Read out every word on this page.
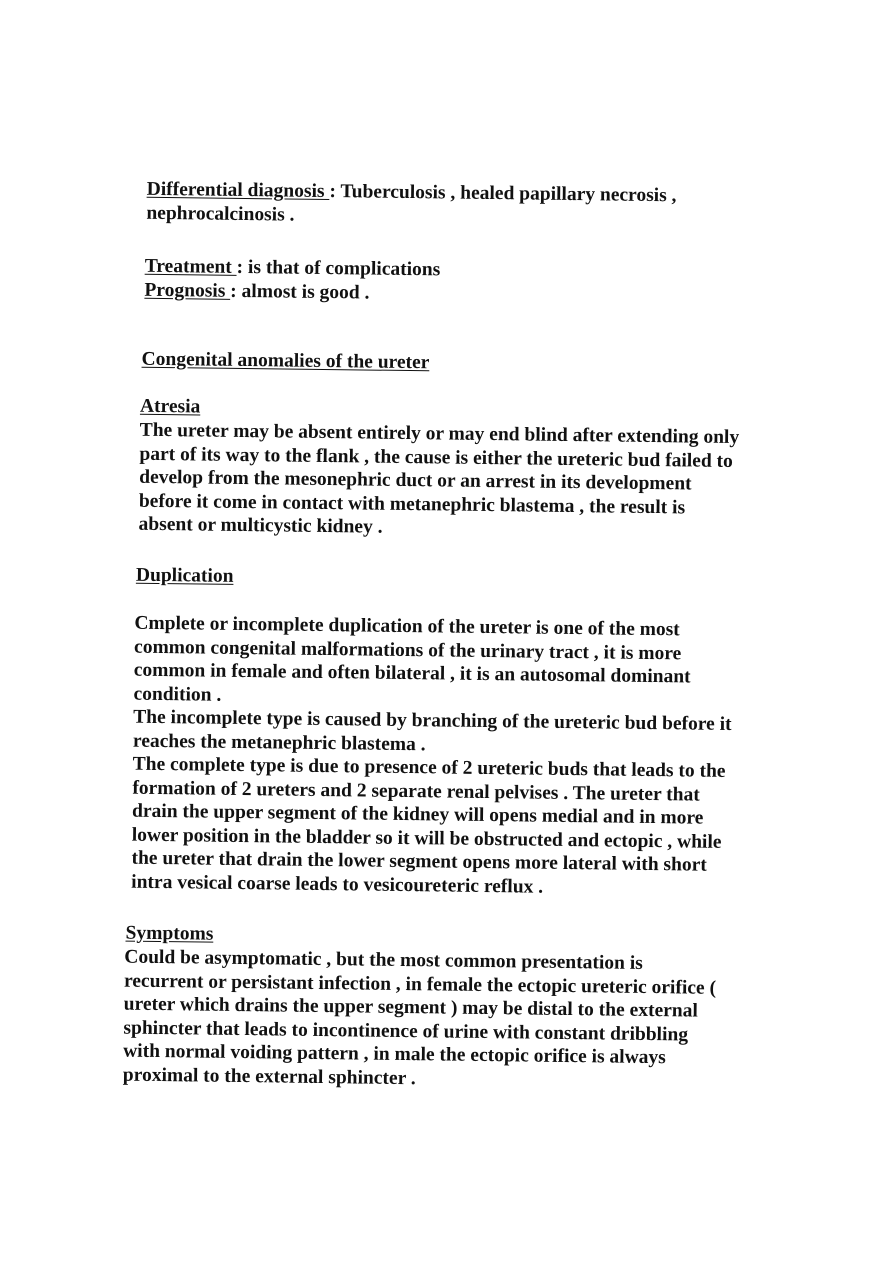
Differential diagnosis : Tuberculosis , healed papillary necrosis ,
nephrocalcinosis .
Treatment : is that of complications
Prognosis : almost is good .
Congenital anomalies of the ureter
Atresia
The ureter may be absent entirely or may end blind after extending only
part of its way to the flank , the cause is either the ureteric bud failed to
develop from the mesonephric duct or an arrest in its development
before it come in contact with metanephric blastema , the result is
absent or multicystic kidney .
Duplication
Cmplete or incomplete duplication of the ureter is one of the most
common congenital malformations of the urinary tract , it is more
common in female and often bilateral , it is an autosomal dominant
condition .
The incomplete type is caused by branching of the ureteric bud before it
reaches the metanephric blastema .
The complete type is due to presence of 2 ureteric buds that leads to the
formation of 2 ureters and 2 separate renal pelvises . The ureter that
drain the upper segment of the kidney will opens medial and in more
lower position in the bladder so it will be obstructed and ectopic , while
the ureter that drain the lower segment opens more lateral with short
intra vesical coarse leads to vesicoureteric reflux .
Symptoms
Could be asymptomatic , but the most common presentation is
recurrent or persistant infection , in female the ectopic ureteric orifice (
ureter which drains the upper segment ) may be distal to the external
sphincter that leads to incontinence of urine with constant dribbling
with normal voiding pattern , in male the ectopic orifice is always
proximal to the external sphincter .
